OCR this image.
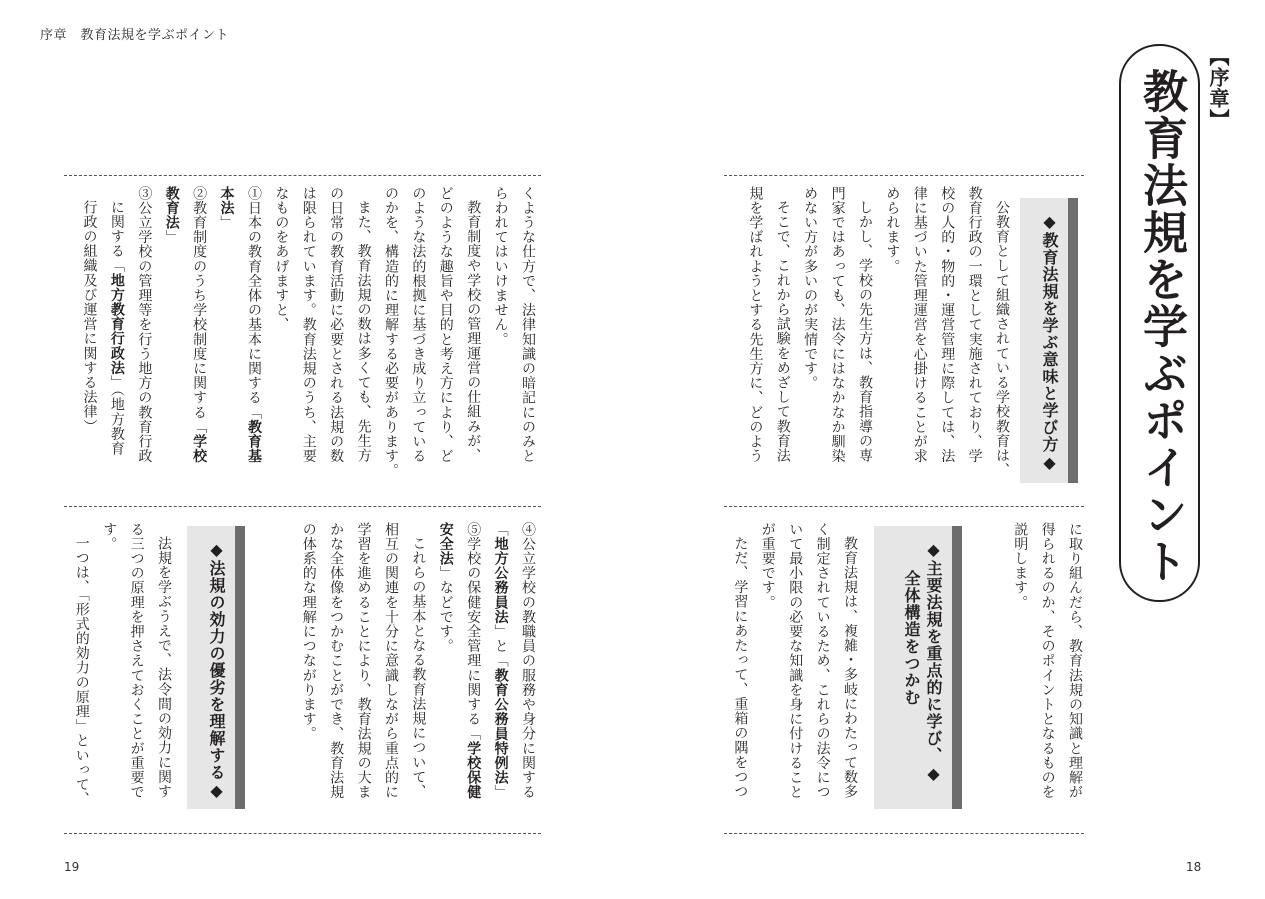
序章　教育法規を学ぶポイント
19	18
教育法規を学ぶポイント 【序章】
◆教育法規を学ぶ意味と学び方◆

公教育として組織されている学校教育は、

教育行政の一環として実施されており、学

校の人的・物的・運営管理に際しては、法

律に基づいた管理運営を心掛けることが求

められます。

しかし、学校の先生方は、教育指導の専

門家ではあっても、法令にはなかなか馴染

めない方が多いのが実情です。

そこで、これから試験をめざして教育法

規を学ばれようとする先生方に、どのよう

に取り組んだら、教育法規の知識と理解が

得られるのか、そのポイントとなるものを

説明します。

◆主要法規を重点的に学び、◆
全体構造をつかむ

教育法規は、複雑・多岐にわたって数多

く制定されているため、これらの法令につ

いて最小限の必要な知識を身に付けること

が重要です。

ただ、学習にあたって、重箱の隅をつつ

くような仕方で、法律知識の暗記にのみと

らわれてはいけません。

教育制度や学校の管理運営の仕組みが、

どのような趣旨や目的と考え方により、ど

のような法的根拠に基づき成り立っている

のかを、構造的に理解する必要があります。

また、教育法規の数は多くても、先生方

の日常の教育活動に必要とされる法規の数

は限られています。教育法規のうち、主要

なものをあげますと、

①日本の教育全体の基本に関する「教育基

本法」

②教育制度のうち学校制度に関する「学校

教育法」

③公立学校の管理等を行う地方の教育行政

に関する「地方教育行政法」（地方教育

行政の組織及び運営に関する法律）

④公立学校の教職員の服務や身分に関する

「地方公務員法」と「教育公務員特例法」

⑤学校の保健安全管理に関する「学校保健

安全法」などです。

これらの基本となる教育法規について、

相互の関連を十分に意識しながら重点的に

学習を進めることにより、教育法規の大ま

かな全体像をつかむことができ、教育法規

の体系的な理解につながります。

◆法規の効力の優劣を理解する◆

法規を学ぶうえで、法令間の効力に関す

る三つの原理を押さえておくことが重要で

す。

一つは、「形式的効力の原理」といって、
